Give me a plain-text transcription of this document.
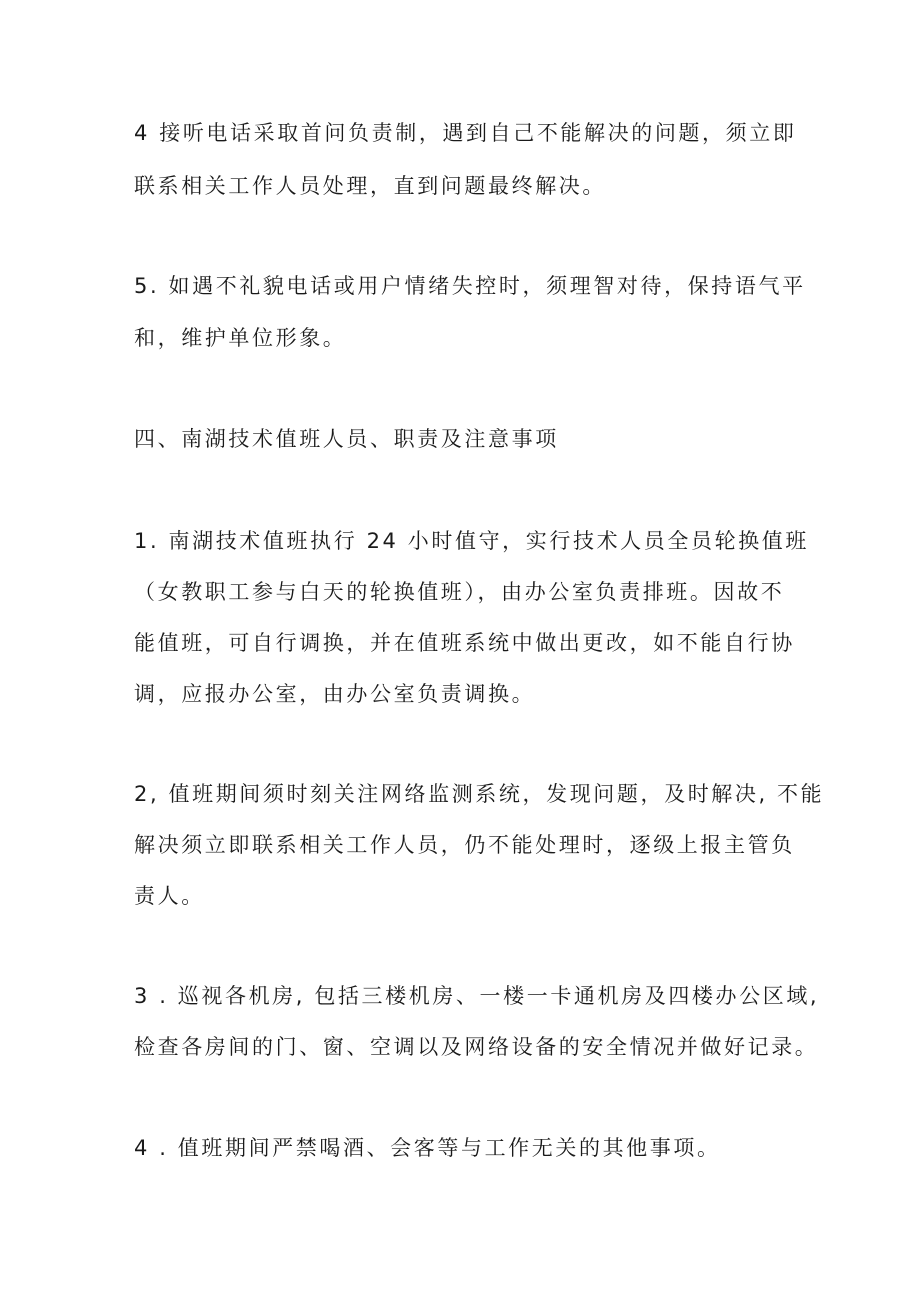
4 接听电话采取首问负责制，遇到自己不能解决的问题，须立即

联系相关工作人员处理，直到问题最终解决。

5. 如遇不礼貌电话或用户情绪失控时，须理智对待，保持语气平

和，维护单位形象。

四、南湖技术值班人员、职责及注意事项

1. 南湖技术值班执行 24 小时值守，实行技术人员全员轮换值班

（女教职工参与白天的轮换值班），由办公室负责排班。因故不

能值班，可自行调换，并在值班系统中做出更改，如不能自行协

调，应报办公室，由办公室负责调换。

2, 值班期间须时刻关注网络监测系统，发现问题，及时解决, 不能

解决须立即联系相关工作人员，仍不能处理时，逐级上报主管负

责人。

3 . 巡视各机房, 包括三楼机房、一楼一卡通机房及四楼办公区域,

检查各房间的门、窗、空调以及网络设备的安全情况并做好记录。

4 . 值班期间严禁喝酒、会客等与工作无关的其他事项。
